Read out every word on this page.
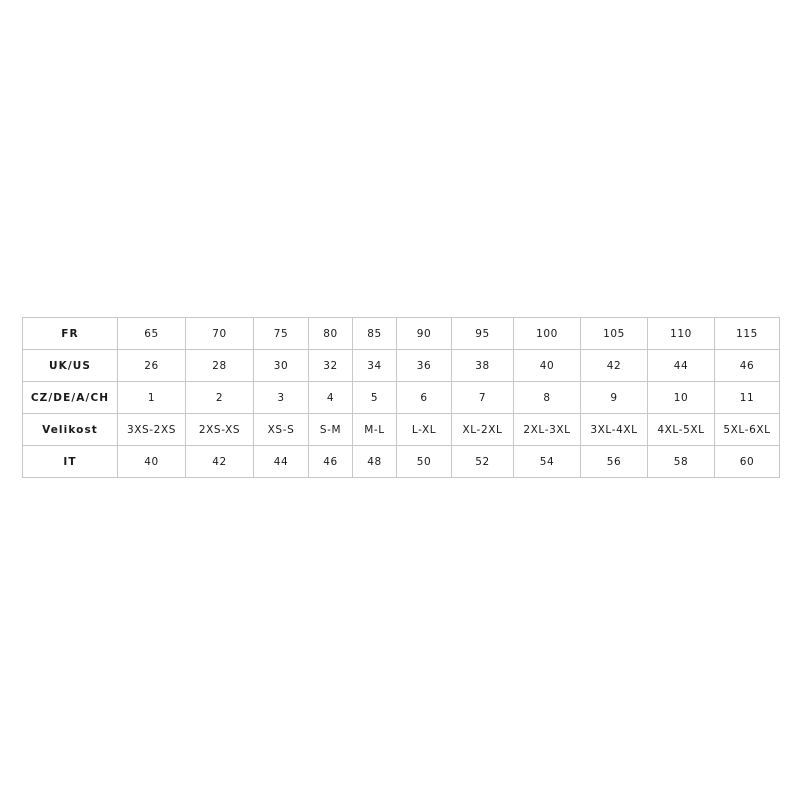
FR	65	70	75	80	85	90	95	100	105	110	115
UK/US	26	28	30	32	34	36	38	40	42	44	46
CZ/DE/A/CH	1	2	3	4	5	6	7	8	9	10	11
Velikost	3XS-2XS	2XS-XS	XS-S	S-M	M-L	L-XL	XL-2XL	2XL-3XL	3XL-4XL	4XL-5XL	5XL-6XL
IT	40	42	44	46	48	50	52	54	56	58	60
